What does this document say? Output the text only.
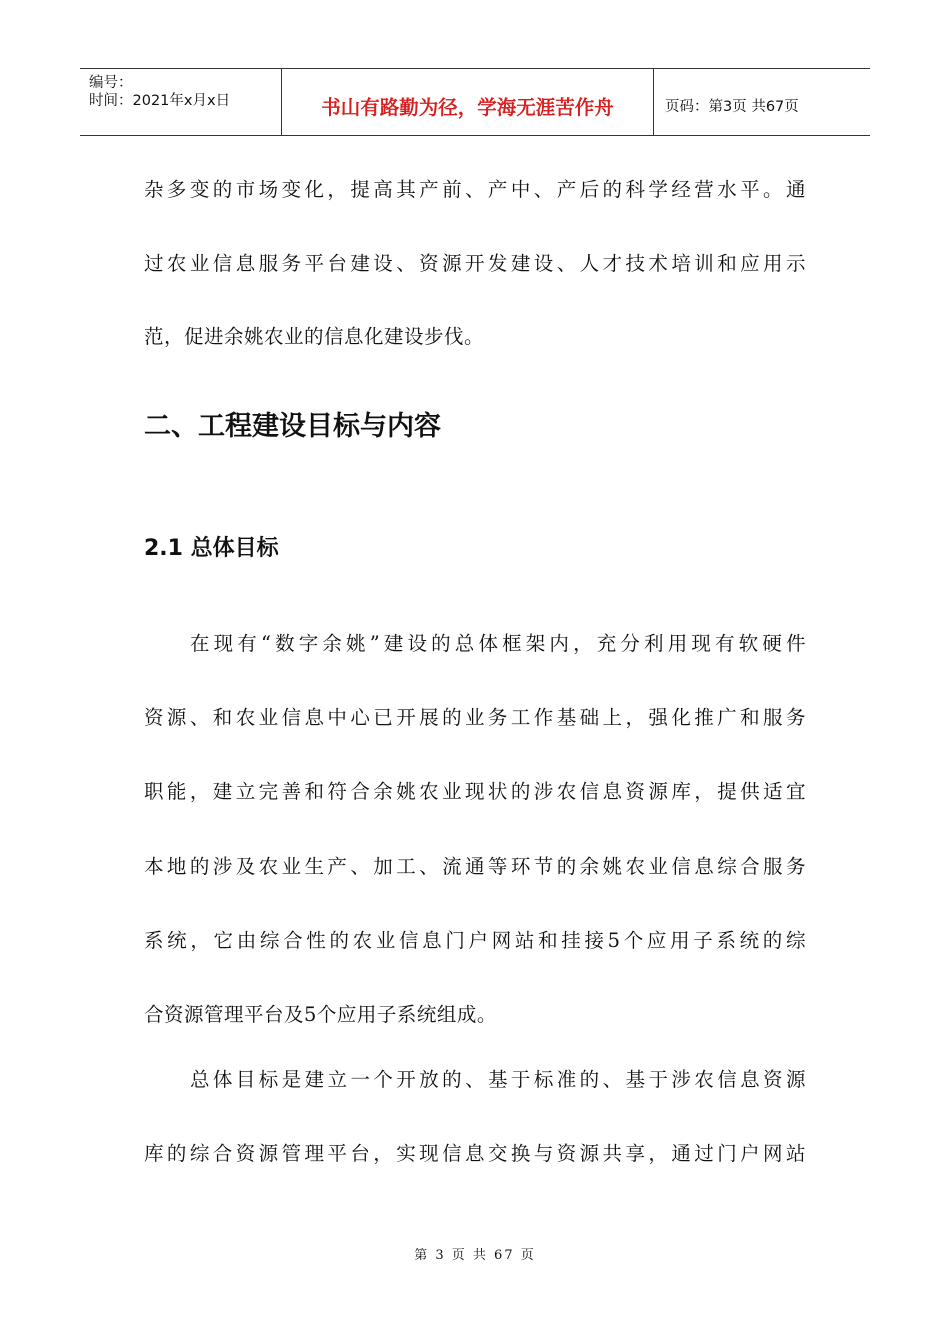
编号：
时间：2021年x月x日	书山有路勤为径，学海无涯苦作舟	页码：第3页 共67页

杂多变的市场变化，提高其产前、产中、产后的科学经营水平。通

过农业信息服务平台建设、资源开发建设、人才技术培训和应用示

范，促进余姚农业的信息化建设步伐。

二、工程建设目标与内容
2.1 总体目标

在现有“数字余姚”建设的总体框架内，充分利用现有软硬件

资源、和农业信息中心已开展的业务工作基础上，强化推广和服务

职能，建立完善和符合余姚农业现状的涉农信息资源库，提供适宜

本地的涉及农业生产、加工、流通等环节的余姚农业信息综合服务

系统，它由综合性的农业信息门户网站和挂接5个应用子系统的综

合资源管理平台及5个应用子系统组成。

总体目标是建立一个开放的、基于标准的、基于涉农信息资源

库的综合资源管理平台，实现信息交换与资源共享，通过门户网站

第 3 页 共 67 页
